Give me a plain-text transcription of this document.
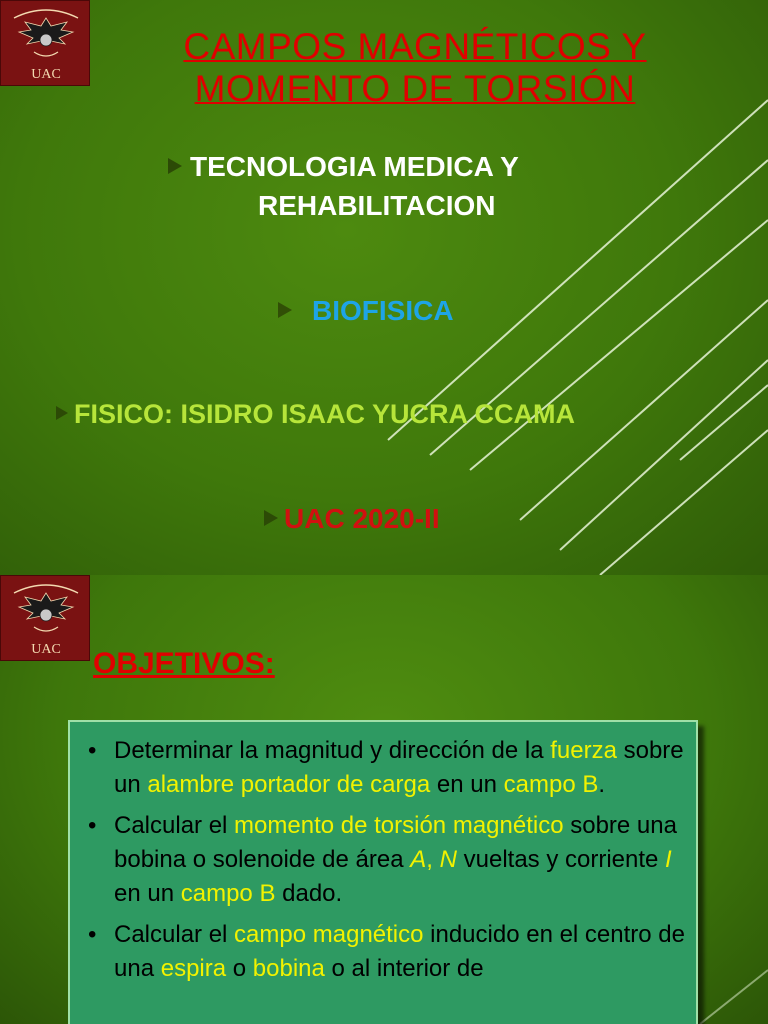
UAC
CAMPOS MAGNÉTICOS Y
MOMENTO DE TORSIÓN
TECNOLOGIA MEDICA Y
REHABILITACION
BIOFISICA
FISICO: ISIDRO ISAAC YUCRA CCAMA
UAC 2020-II
UAC	OBJETIVOS:
• Determinar la magnitud y dirección de la fuerza sobre un alambre portador de carga en un campo B.
• Calcular el momento de torsión magnético sobre una bobina o solenoide de área A, N vueltas y corriente I en un campo B dado.
• Calcular el campo magnético inducido en el centro de una espira o bobina o al interior de
